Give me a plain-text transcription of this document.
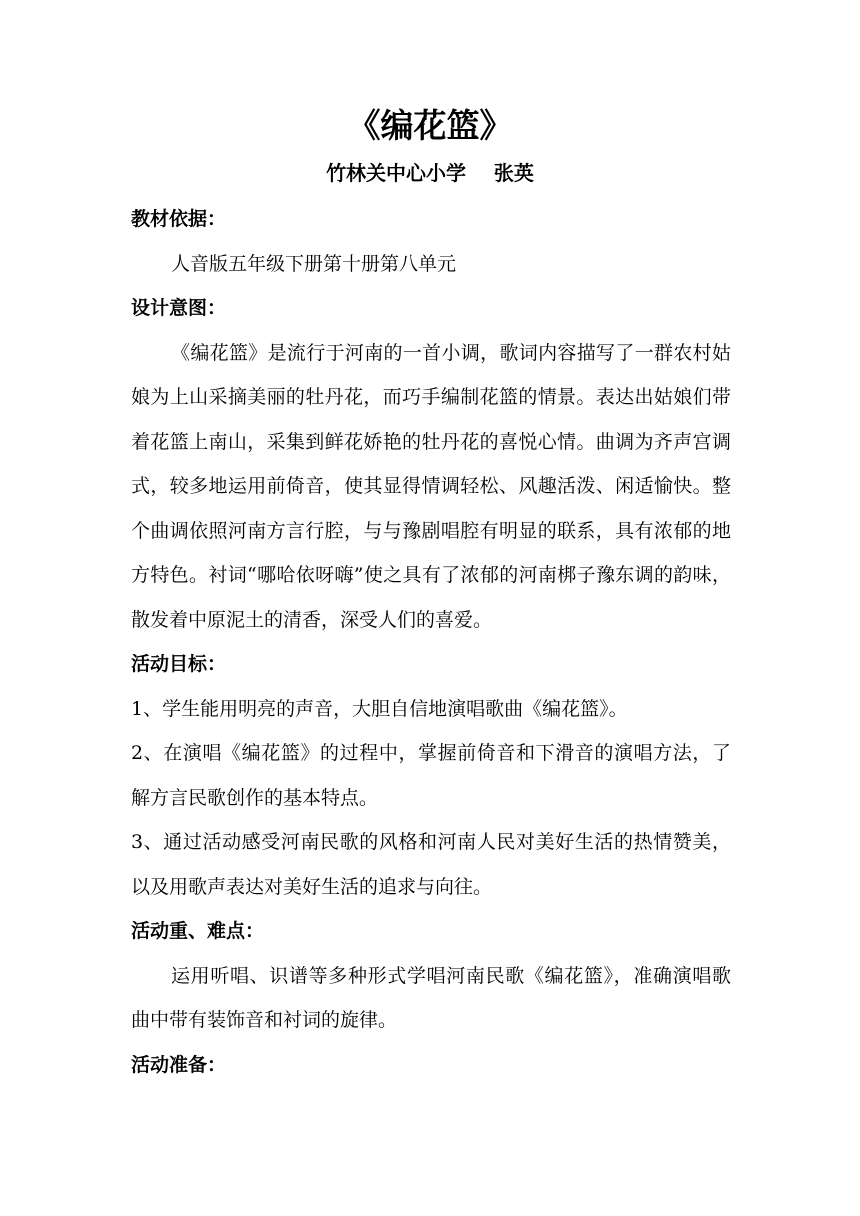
《编花篮》
竹林关中心小学    张英

教材依据：

人音版五年级下册第十册第八单元

设计意图：

《编花篮》是流行于河南的一首小调，歌词内容描写了一群农村姑娘为上山采摘美丽的牡丹花，而巧手编制花篮的情景。表达出姑娘们带着花篮上南山，采集到鲜花娇艳的牡丹花的喜悦心情。曲调为齐声宫调式，较多地运用前倚音，使其显得情调轻松、风趣活泼、闲适愉快。整个曲调依照河南方言行腔，与与豫剧唱腔有明显的联系，具有浓郁的地方特色。衬词“哪哈依呀嗨”使之具有了浓郁的河南梆子豫东调的韵味，散发着中原泥土的清香，深受人们的喜爱。

活动目标：

1、学生能用明亮的声音，大胆自信地演唱歌曲《编花篮》。

2、在演唱《编花篮》的过程中，掌握前倚音和下滑音的演唱方法，了解方言民歌创作的基本特点。

3、通过活动感受河南民歌的风格和河南人民对美好生活的热情赞美，以及用歌声表达对美好生活的追求与向往。

活动重、难点：

运用听唱、识谱等多种形式学唱河南民歌《编花篮》，准确演唱歌曲中带有装饰音和衬词的旋律。

活动准备：
